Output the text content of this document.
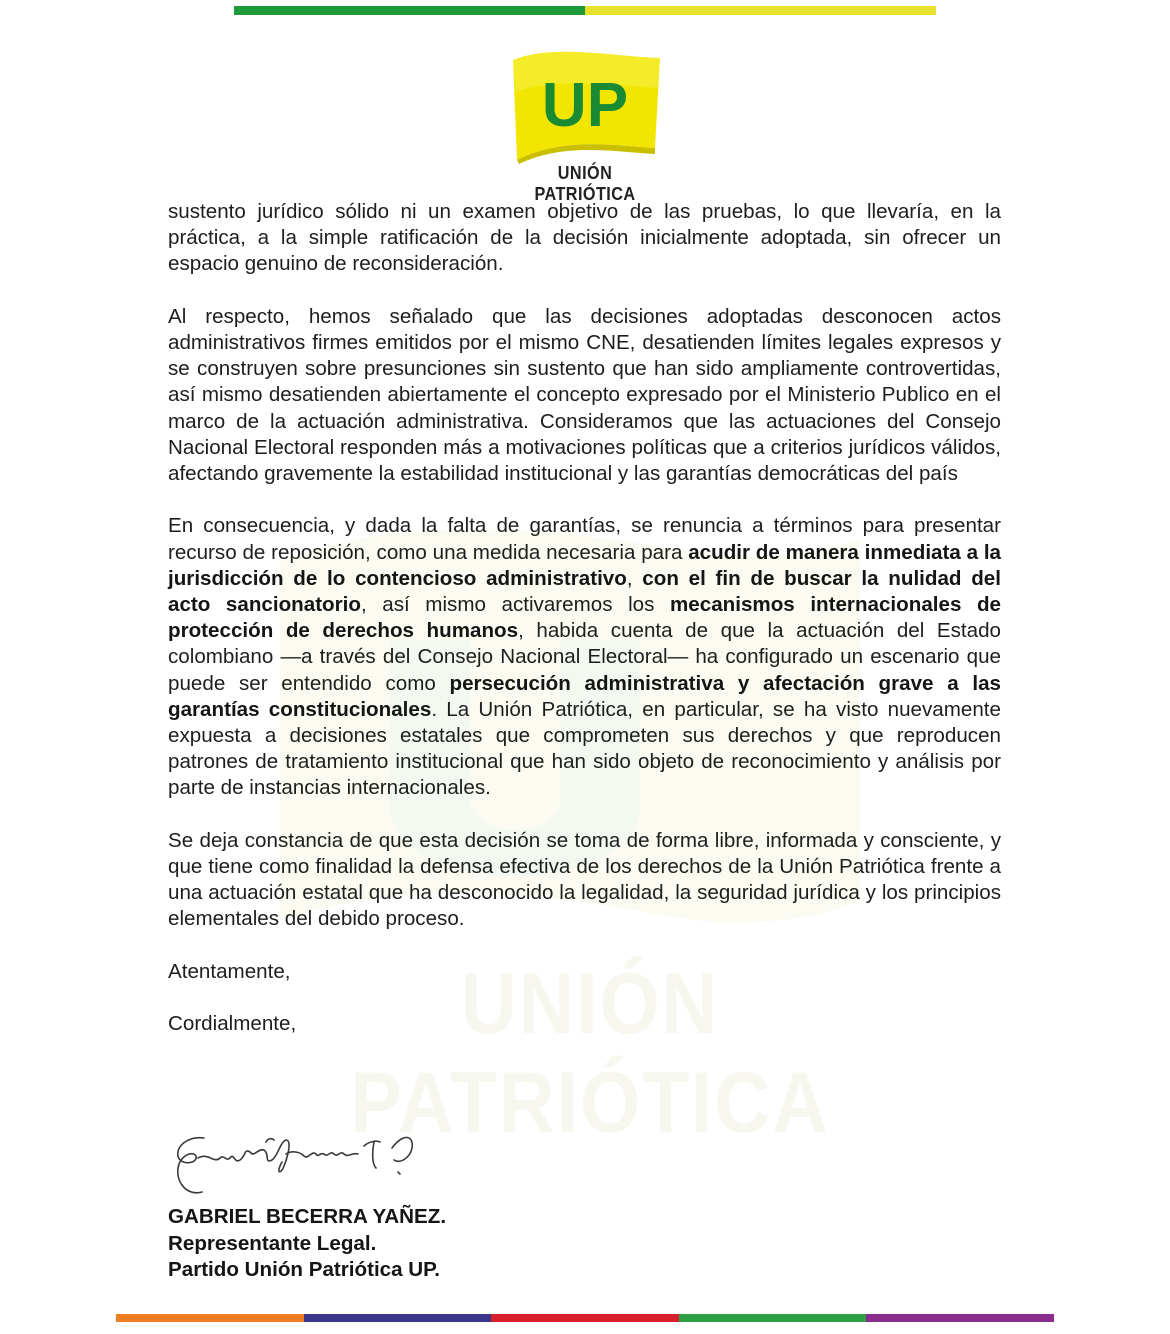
UNIÓN PATRIÓTICA
UP
UNIÓN PATRIÓTICA

sustento jurídico sólido ni un examen objetivo de las pruebas, lo que llevaría, en la práctica, a la simple ratificación de la decisión inicialmente adoptada, sin ofrecer un espacio genuino de reconsideración.

Al respecto, hemos señalado que las decisiones adoptadas desconocen actos administrativos firmes emitidos por el mismo CNE, desatienden límites legales expresos y se construyen sobre presunciones sin sustento que han sido ampliamente controvertidas, así mismo desatienden abiertamente el concepto expresado por el Ministerio Publico en el marco de la actuación administrativa. Consideramos que las actuaciones del Consejo Nacional Electoral responden más a motivaciones políticas que a criterios jurídicos válidos, afectando gravemente la estabilidad institucional y las garantías democráticas del país

En consecuencia, y dada la falta de garantías, se renuncia a términos para presentar recurso de reposición, como una medida necesaria para acudir de manera inmediata a la jurisdicción de lo contencioso administrativo, con el fin de buscar la nulidad del acto sancionatorio, así mismo activaremos los mecanismos internacionales de protección de derechos humanos, habida cuenta de que la actuación del Estado colombiano —a través del Consejo Nacional Electoral— ha configurado un escenario que puede ser entendido como persecución administrativa y afectación grave a las garantías constitucionales. La Unión Patriótica, en particular, se ha visto nuevamente expuesta a decisiones estatales que comprometen sus derechos y que reproducen patrones de tratamiento institucional que han sido objeto de reconocimiento y análisis por parte de instancias internacionales.

Se deja constancia de que esta decisión se toma de forma libre, informada y consciente, y que tiene como finalidad la defensa efectiva de los derechos de la Unión Patriótica frente a una actuación estatal que ha desconocido la legalidad, la seguridad jurídica y los principios elementales del debido proceso.

Atentamente,

Cordialmente,

GABRIEL BECERRA YAÑEZ.
Representante Legal.
Partido Unión Patriótica UP.
